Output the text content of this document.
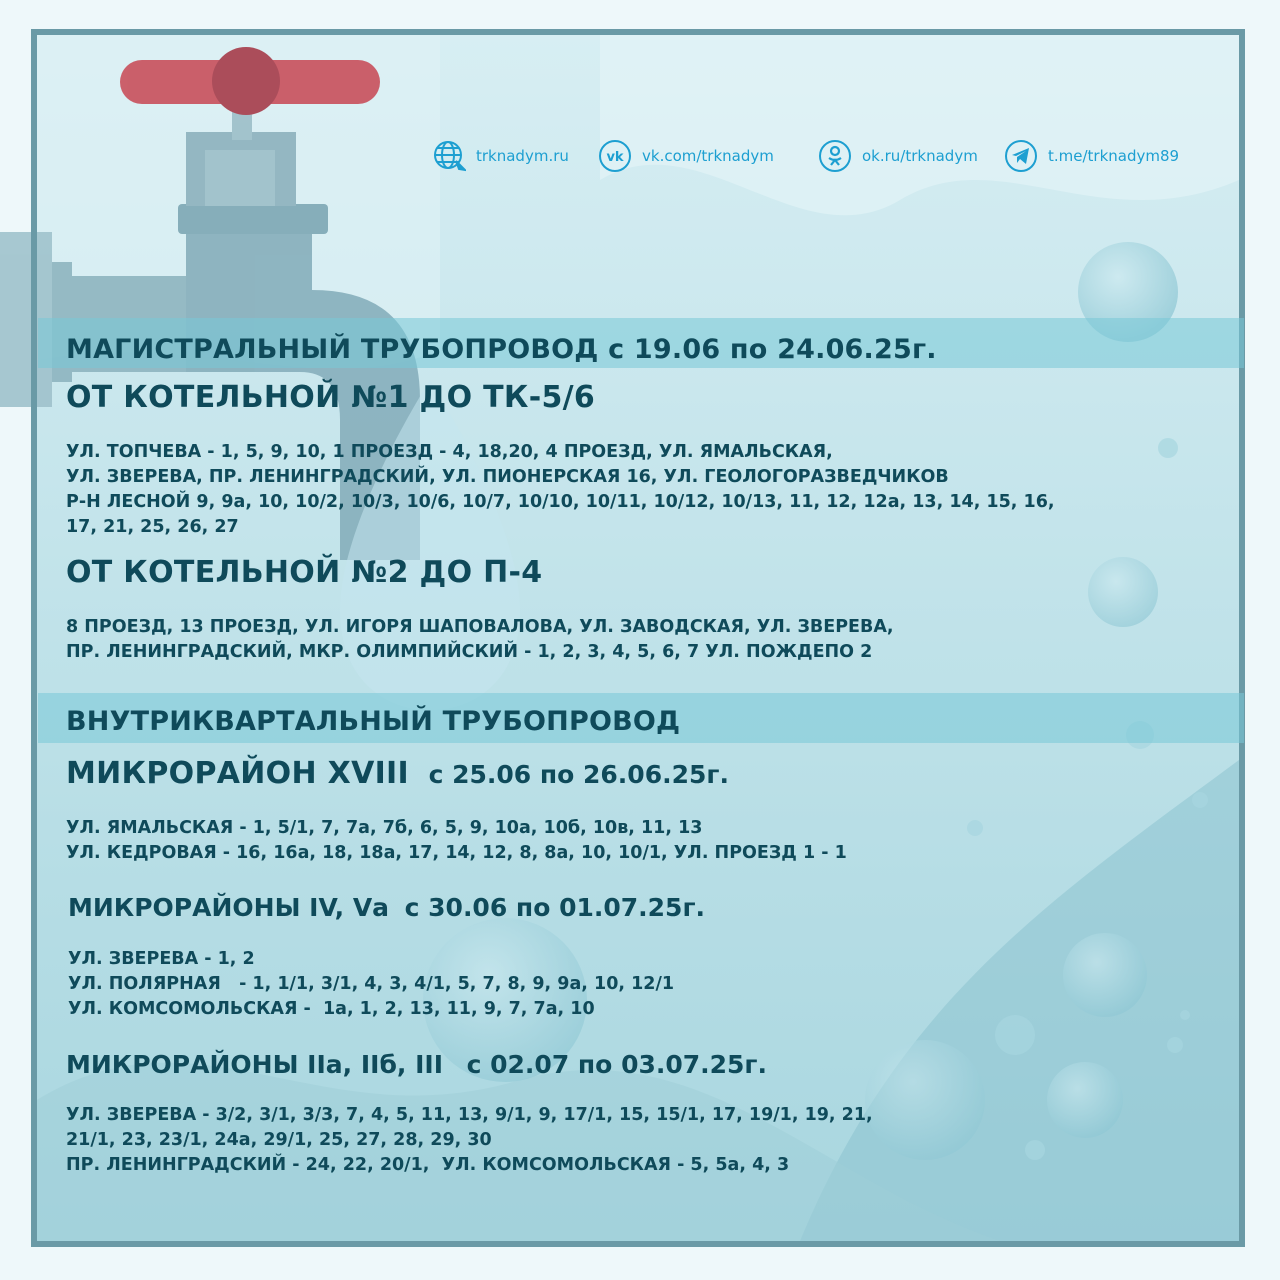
trknadym.ru	vk vk.com/trknadym	ok.ru/trknadym	t.me/trknadym89
МАГИСТРАЛЬНЫЙ ТРУБОПРОВОД с 19.06 по 24.06.25г.
ОТ КОТЕЛЬНОЙ №1 ДО ТК-5/6
УЛ. ТОПЧЕВА - 1, 5, 9, 10, 1 ПРОЕЗД - 4, 18,20, 4 ПРОЕЗД, УЛ. ЯМАЛЬСКАЯ,
УЛ. ЗВЕРЕВА, ПР. ЛЕНИНГРАДСКИЙ, УЛ. ПИОНЕРСКАЯ 16, УЛ. ГЕОЛОГОРАЗВЕДЧИКОВ
Р-Н ЛЕСНОЙ 9, 9а, 10, 10/2, 10/3, 10/6, 10/7, 10/10, 10/11, 10/12, 10/13, 11, 12, 12а, 13, 14, 15, 16,
17, 21, 25, 26, 27
ОТ КОТЕЛЬНОЙ №2 ДО П-4
8 ПРОЕЗД, 13 ПРОЕЗД, УЛ. ИГОРЯ ШАПОВАЛОВА, УЛ. ЗАВОДСКАЯ, УЛ. ЗВЕРЕВА,
ПР. ЛЕНИНГРАДСКИЙ, МКР. ОЛИМПИЙСКИЙ - 1, 2, 3, 4, 5, 6, 7 УЛ. ПОЖДЕПО 2
ВНУТРИКВАРТАЛЬНЫЙ ТРУБОПРОВОД
МИКРОРАЙОН XVIII с 25.06 по 26.06.25г.
УЛ. ЯМАЛЬСКАЯ - 1, 5/1, 7, 7а, 7б, 6, 5, 9, 10а, 10б, 10в, 11, 13
УЛ. КЕДРОВАЯ - 16, 16а, 18, 18а, 17, 14, 12, 8, 8а, 10, 10/1, УЛ. ПРОЕЗД 1 - 1
МИКРОРАЙОНЫ IV, Vа с 30.06 по 01.07.25г.
УЛ. ЗВЕРЕВА - 1, 2
УЛ. ПОЛЯРНАЯ   - 1, 1/1, 3/1, 4, 3, 4/1, 5, 7, 8, 9, 9а, 10, 12/1
УЛ. КОМСОМОЛЬСКАЯ -  1а, 1, 2, 13, 11, 9, 7, 7а, 10
МИКРОРАЙОНЫ IIа, IIб, III с 02.07 по 03.07.25г.
УЛ. ЗВЕРЕВА - 3/2, 3/1, 3/3, 7, 4, 5, 11, 13, 9/1, 9, 17/1, 15, 15/1, 17, 19/1, 19, 21,
21/1, 23, 23/1, 24а, 29/1, 25, 27, 28, 29, 30
ПР. ЛЕНИНГРАДСКИЙ - 24, 22, 20/1,  УЛ. КОМСОМОЛЬСКАЯ - 5, 5а, 4, 3
